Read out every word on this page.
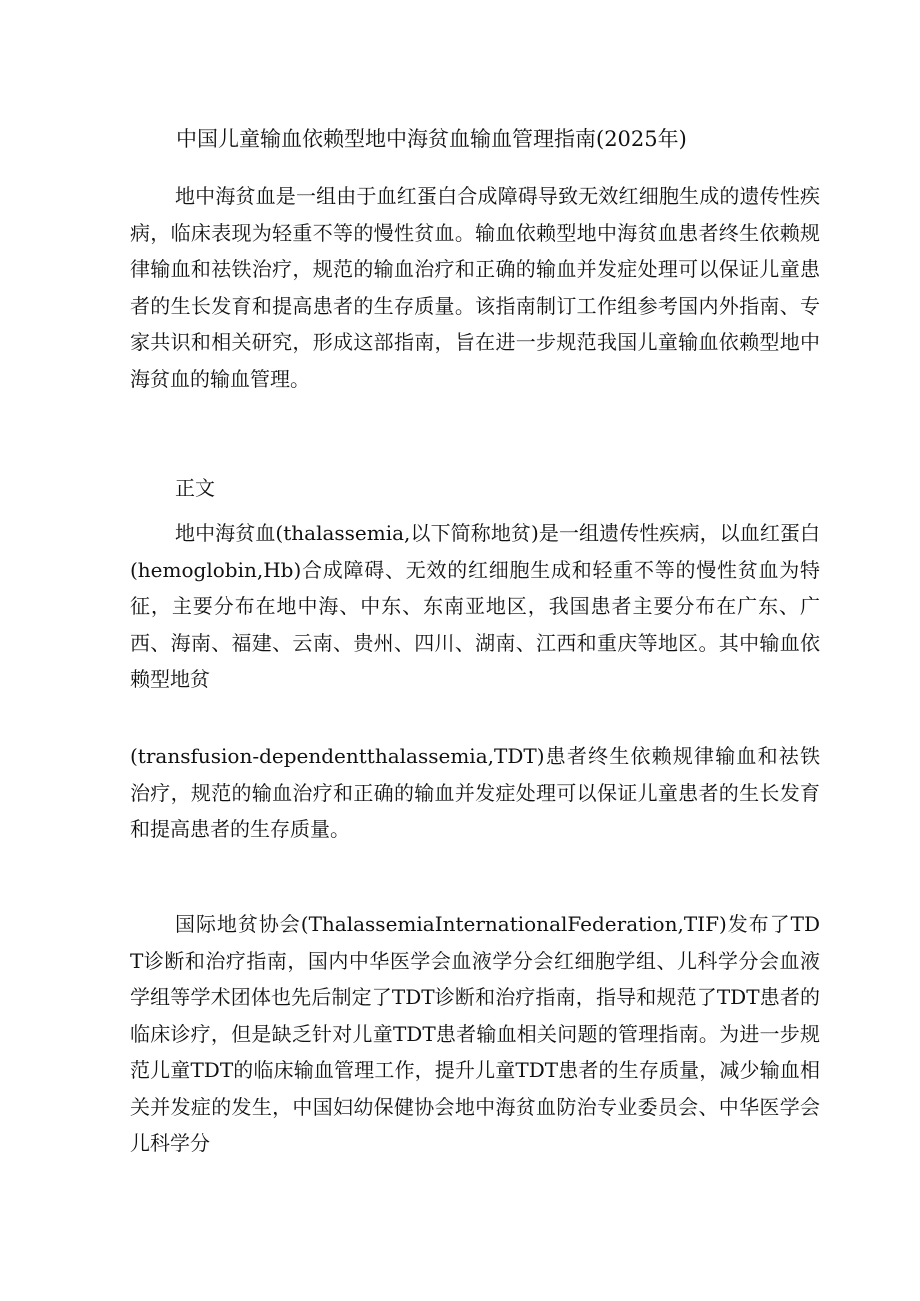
中国儿童输血依赖型地中海贫血输血管理指南(2025年)

地中海贫血是一组由于血红蛋白合成障碍导致无效红细胞生成的遗传性疾病，临床表现为轻重不等的慢性贫血。输血依赖型地中海贫血患者终生依赖规律输血和祛铁治疗，规范的输血治疗和正确的输血并发症处理可以保证儿童患者的生长发育和提高患者的生存质量。该指南制订工作组参考国内外指南、专家共识和相关研究，形成这部指南，旨在进一步规范我国儿童输血依赖型地中海贫血的输血管理。

正文

地中海贫血(thalassemia,以下简称地贫)是一组遗传性疾病，以血红蛋白(hemoglobin,Hb)合成障碍、无效的红细胞生成和轻重不等的慢性贫血为特征，主要分布在地中海、中东、东南亚地区，我国患者主要分布在广东、广西、海南、福建、云南、贵州、四川、湖南、江西和重庆等地区。其中输血依赖型地贫

(transfusion-dependentthalassemia,TDT)患者终生依赖规律输血和祛铁治疗，规范的输血治疗和正确的输血并发症处理可以保证儿童患者的生长发育和提高患者的生存质量。

国际地贫协会(ThalassemiaInternationalFederation,TIF)发布了TDT诊断和治疗指南，国内中华医学会血液学分会红细胞学组、儿科学分会血液学组等学术团体也先后制定了TDT诊断和治疗指南，指导和规范了TDT患者的临床诊疗，但是缺乏针对儿童TDT患者输血相关问题的管理指南。为进一步规范儿童TDT的临床输血管理工作，提升儿童TDT患者的生存质量，减少输血相关并发症的发生，中国妇幼保健协会地中海贫血防治专业委员会、中华医学会儿科学分
